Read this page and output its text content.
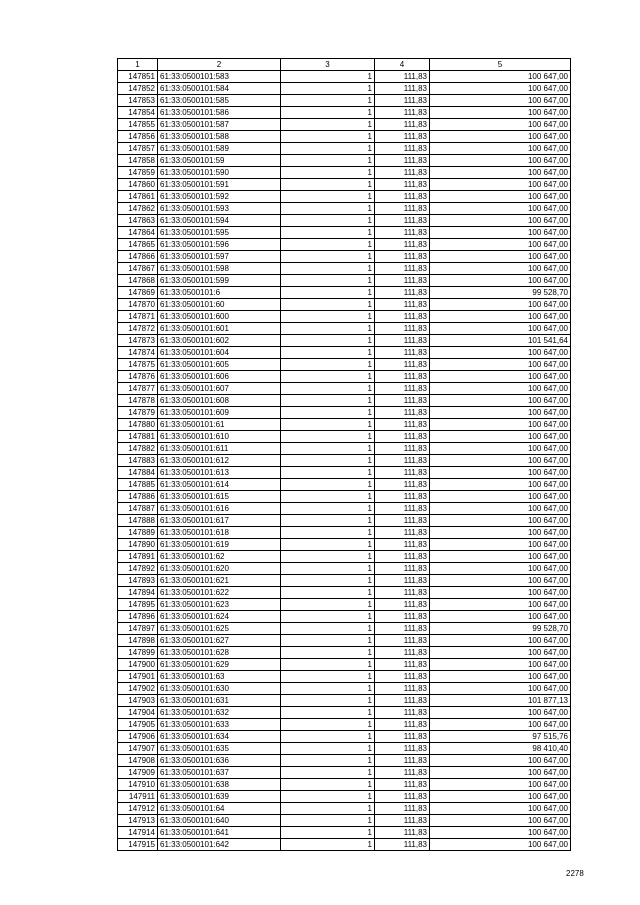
1	2	3	4	5
147851	61:33:0500101:583	1	111,83	100 647,00
147852	61:33:0500101:584	1	111,83	100 647,00
147853	61:33:0500101:585	1	111,83	100 647,00
147854	61:33:0500101:586	1	111,83	100 647,00
147855	61:33:0500101:587	1	111,83	100 647,00
147856	61:33:0500101:588	1	111,83	100 647,00
147857	61:33:0500101:589	1	111,83	100 647,00
147858	61:33:0500101:59	1	111,83	100 647,00
147859	61:33:0500101:590	1	111,83	100 647,00
147860	61:33:0500101:591	1	111,83	100 647,00
147861	61:33:0500101:592	1	111,83	100 647,00
147862	61:33:0500101:593	1	111,83	100 647,00
147863	61:33:0500101:594	1	111,83	100 647,00
147864	61:33:0500101:595	1	111,83	100 647,00
147865	61:33:0500101:596	1	111,83	100 647,00
147866	61:33:0500101:597	1	111,83	100 647,00
147867	61:33:0500101:598	1	111,83	100 647,00
147868	61:33:0500101:599	1	111,83	100 647,00
147869	61:33:0500101:6	1	111,83	99 528,70
147870	61:33:0500101:60	1	111,83	100 647,00
147871	61:33:0500101:600	1	111,83	100 647,00
147872	61:33:0500101:601	1	111,83	100 647,00
147873	61:33:0500101:602	1	111,83	101 541,64
147874	61:33:0500101:604	1	111,83	100 647,00
147875	61:33:0500101:605	1	111,83	100 647,00
147876	61:33:0500101:606	1	111,83	100 647,00
147877	61:33:0500101:607	1	111,83	100 647,00
147878	61:33:0500101:608	1	111,83	100 647,00
147879	61:33:0500101:609	1	111,83	100 647,00
147880	61:33:0500101:61	1	111,83	100 647,00
147881	61:33:0500101:610	1	111,83	100 647,00
147882	61:33:0500101:611	1	111,83	100 647,00
147883	61:33:0500101:612	1	111,83	100 647,00
147884	61:33:0500101:613	1	111,83	100 647,00
147885	61:33:0500101:614	1	111,83	100 647,00
147886	61:33:0500101:615	1	111,83	100 647,00
147887	61:33:0500101:616	1	111,83	100 647,00
147888	61:33:0500101:617	1	111,83	100 647,00
147889	61:33:0500101:618	1	111,83	100 647,00
147890	61:33:0500101:619	1	111,83	100 647,00
147891	61:33:0500101:62	1	111,83	100 647,00
147892	61:33:0500101:620	1	111,83	100 647,00
147893	61:33:0500101:621	1	111,83	100 647,00
147894	61:33:0500101:622	1	111,83	100 647,00
147895	61:33:0500101:623	1	111,83	100 647,00
147896	61:33:0500101:624	1	111,83	100 647,00
147897	61:33:0500101:625	1	111,83	99 528,70
147898	61:33:0500101:627	1	111,83	100 647,00
147899	61:33:0500101:628	1	111,83	100 647,00
147900	61:33:0500101:629	1	111,83	100 647,00
147901	61:33:0500101:63	1	111,83	100 647,00
147902	61:33:0500101:630	1	111,83	100 647,00
147903	61:33:0500101:631	1	111,83	101 877,13
147904	61:33:0500101:632	1	111,83	100 647,00
147905	61:33:0500101:633	1	111,83	100 647,00
147906	61:33:0500101:634	1	111,83	97 515,76
147907	61:33:0500101:635	1	111,83	98 410,40
147908	61:33:0500101:636	1	111,83	100 647,00
147909	61:33:0500101:637	1	111,83	100 647,00
147910	61:33:0500101:638	1	111,83	100 647,00
147911	61:33:0500101:639	1	111,83	100 647,00
147912	61:33:0500101:64	1	111,83	100 647,00
147913	61:33:0500101:640	1	111,83	100 647,00
147914	61:33:0500101:641	1	111,83	100 647,00
147915	61:33:0500101:642	1	111,83	100 647,00
2278
